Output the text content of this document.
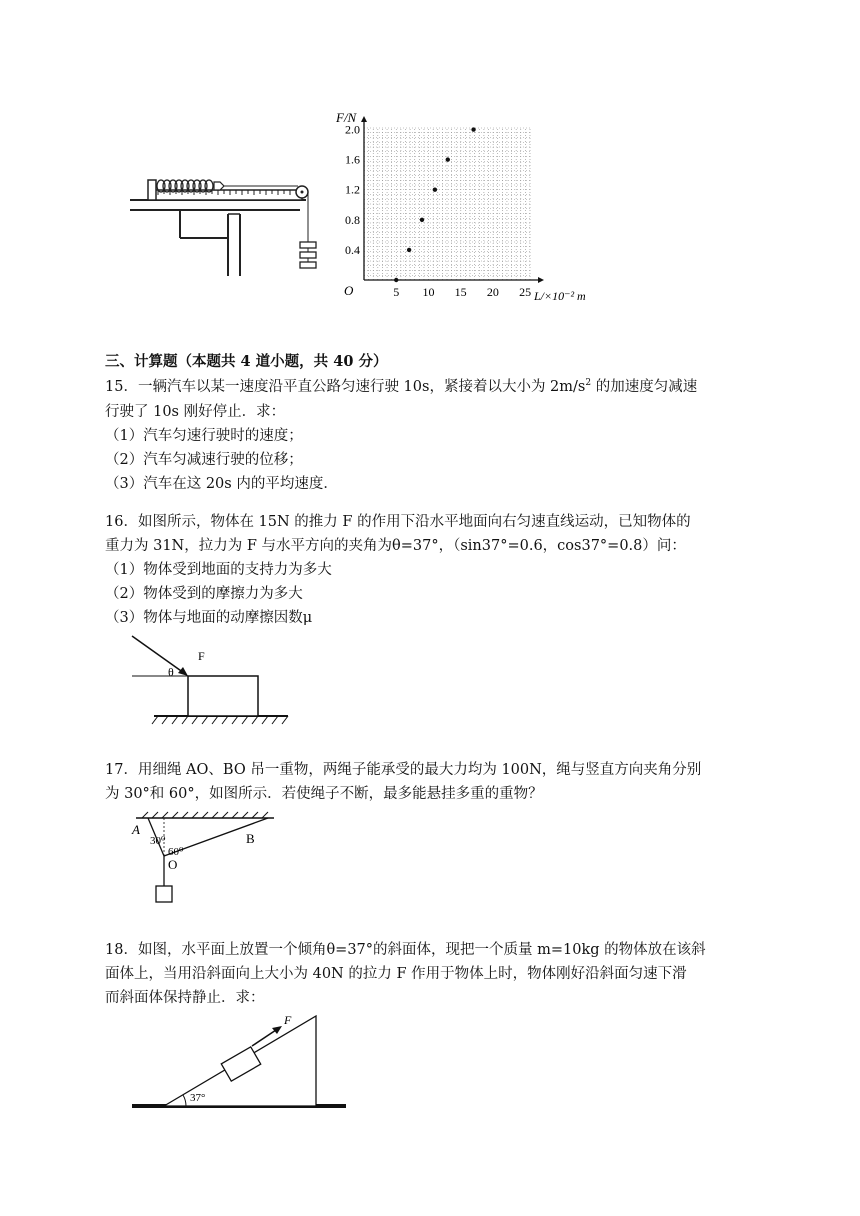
F/N
L/×10⁻² m
O
0.4
0.8
1.2
1.6
2.0
5 10 15 20 25
三、计算题（本题共 4 道小题，共 40 分）
15．一辆汽车以某一速度沿平直公路匀速行驶 10s，紧接着以大小为 $2m/s^2$ 的加速度匀减速
行驶了 10s 刚好停止．求：
（1）汽车匀速行驶时的速度；
（2）汽车匀减速行驶的位移；
（3）汽车在这 20s 内的平均速度．
16．如图所示，物体在 15N 的推力 F 的作用下沿水平地面向右匀速直线运动，已知物体的
重力为 31N，拉力为 F 与水平方向的夹角为θ=37°，（sin37°=0.6，cos37°=0.8）问：
（1）物体受到地面的支持力为多大
（2）物体受到的摩擦力为多大
（3）物体与地面的动摩擦因数μ
F
θ
17．用细绳 AO、BO 吊一重物，两绳子能承受的最大力均为 100N，绳与竖直方向夹角分别
为 30°和 60°，如图所示．若使绳子不断，最多能悬挂多重的重物？
A
B
O
30⁰
60⁰
18．如图，水平面上放置一个倾角θ=37°的斜面体，现把一个质量 m=10kg 的物体放在该斜
面体上，当用沿斜面向上大小为 40N 的拉力 F 作用于物体上时，物体刚好沿斜面匀速下滑
而斜面体保持静止．求：
F
37°
